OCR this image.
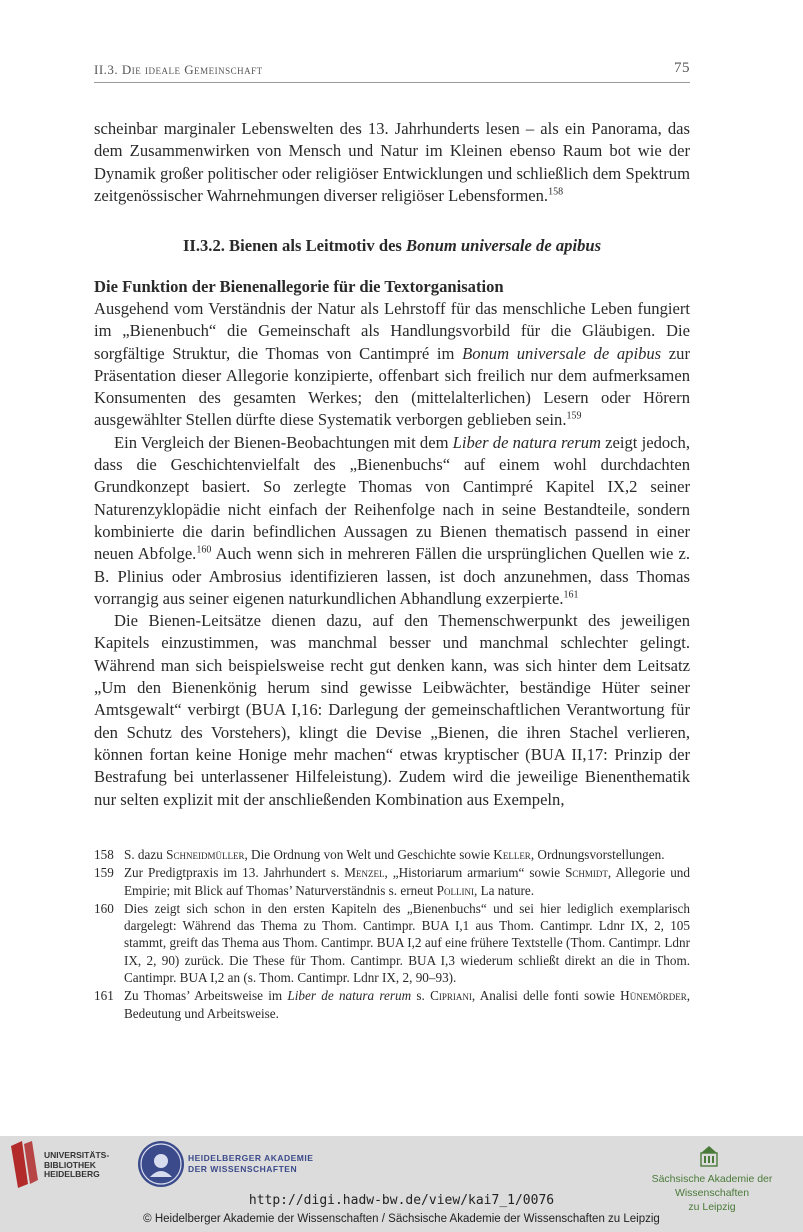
II.3. Die ideale Gemeinschaft	75

scheinbar marginaler Lebenswelten des 13. Jahrhunderts lesen – als ein Panorama, das dem Zusammenwirken von Mensch und Natur im Kleinen ebenso Raum bot wie der Dynamik großer politischer oder religiöser Entwicklungen und schließlich dem Spektrum zeitgenössischer Wahrnehmungen diverser religiöser Lebensformen.$^{158}$

II.3.2. Bienen als Leitmotiv des Bonum universale de apibus
Die Funktion der Bienenallegorie für die Textorganisation

Ausgehend vom Verständnis der Natur als Lehrstoff für das menschliche Leben fungiert im „Bienenbuch“ die Gemeinschaft als Handlungsvorbild für die Gläubigen. Die sorgfältige Struktur, die Thomas von Cantimpré im Bonum universale de apibus zur Präsentation dieser Allegorie konzipierte, offenbart sich freilich nur dem aufmerksamen Konsumenten des gesamten Werkes; den (mittelalterlichen) Lesern oder Hörern ausgewählter Stellen dürfte diese Systematik verborgen geblieben sein.$^{159}$

Ein Vergleich der Bienen-Beobachtungen mit dem Liber de natura rerum zeigt jedoch, dass die Geschichtenvielfalt des „Bienenbuchs“ auf einem wohl durchdachten Grundkonzept basiert. So zerlegte Thomas von Cantimpré Kapitel IX,2 seiner Naturenzyklopädie nicht einfach der Reihenfolge nach in seine Bestandteile, sondern kombinierte die darin befindlichen Aussagen zu Bienen thematisch passend in einer neuen Abfolge.$^{160}$ Auch wenn sich in mehreren Fällen die ursprünglichen Quellen wie z. B. Plinius oder Ambrosius identifizieren lassen, ist doch anzunehmen, dass Thomas vorrangig aus seiner eigenen naturkundlichen Abhandlung exzerpierte.$^{161}$

Die Bienen-Leitsätze dienen dazu, auf den Themenschwerpunkt des jeweiligen Kapitels einzustimmen, was manchmal besser und manchmal schlechter gelingt. Während man sich beispielsweise recht gut denken kann, was sich hinter dem Leitsatz „Um den Bienenkönig herum sind gewisse Leibwächter, beständige Hüter seiner Amtsgewalt“ verbirgt (BUA I,16: Darlegung der gemeinschaftlichen Verantwortung für den Schutz des Vorstehers), klingt die Devise „Bienen, die ihren Stachel verlieren, können fortan keine Honige mehr machen“ etwas kryptischer (BUA II,17: Prinzip der Bestrafung bei unterlassener Hilfeleistung). Zudem wird die jeweilige Bienenthematik nur selten explizit mit der anschließenden Kombination aus Exempeln,

158 S. dazu Schneidmüller, Die Ordnung von Welt und Geschichte sowie Keller, Ordnungsvorstellungen.
159 Zur Predigtpraxis im 13. Jahrhundert s. Menzel, „Historiarum armarium“ sowie Schmidt, Allegorie und Empirie; mit Blick auf Thomas’ Naturverständnis s. erneut Pollini, La nature.
160 Dies zeigt sich schon in den ersten Kapiteln des „Bienenbuchs“ und sei hier lediglich exemplarisch dargelegt: Während das Thema zu Thom. Cantimpr. BUA I,1 aus Thom. Cantimpr. Ldnr IX, 2, 105 stammt, greift das Thema aus Thom. Cantimpr. BUA I,2 auf eine frühere Textstelle (Thom. Cantimpr. Ldnr IX, 2, 90) zurück. Die These für Thom. Cantimpr. BUA I,3 wiederum schließt direkt an die in Thom. Cantimpr. BUA I,2 an (s. Thom. Cantimpr. Ldnr IX, 2, 90–93).
161 Zu Thomas’ Arbeitsweise im Liber de natura rerum s. Cipriani, Analisi delle fonti sowie Hünemörder, Bedeutung und Arbeitsweise.
UNIVERSITÄTS-
BIBLIOTHEK
HEIDELBERG
HEIDELBERGER AKADEMIE
DER WISSENSCHAFTEN
Sächsische Akademie der Wissenschaften
zu Leipzig
http://digi.hadw-bw.de/view/kai7_1/0076
© Heidelberger Akademie der Wissenschaften / Sächsische Akademie der Wissenschaften zu Leipzig
